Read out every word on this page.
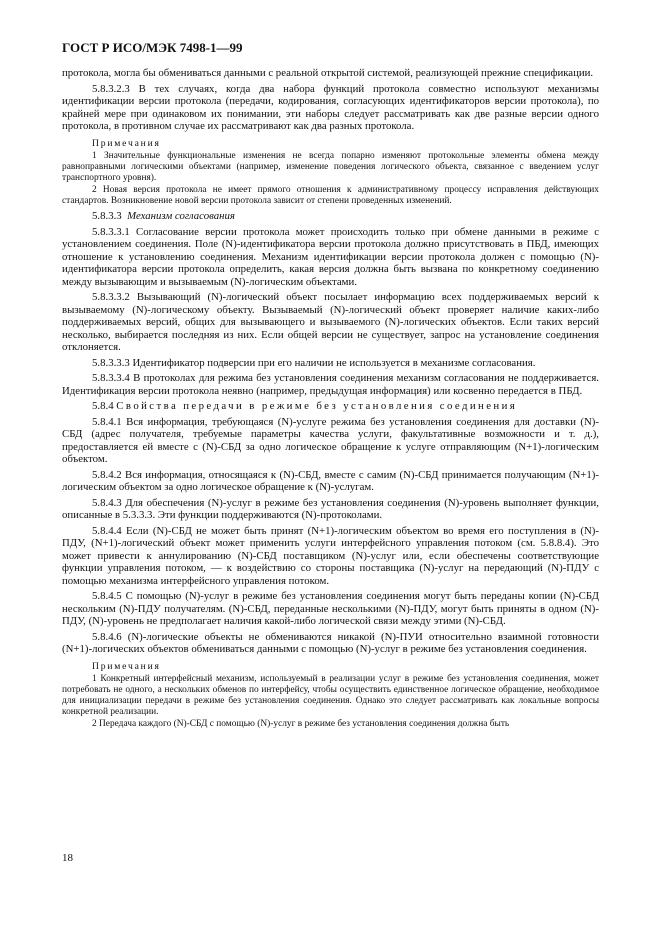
ГОСТ Р ИСО/МЭК 7498-1—99

протокола, могла бы обмениваться данными с реальной открытой системой, реализующей прежние спецификации.

5.8.3.2.3 В тех случаях, когда два набора функций протокола совместно используют механизмы идентификации версии протокола (передачи, кодирования, согласующих идентификаторов версии протокола), по крайней мере при одинаковом их понимании, эти наборы следует рассматривать как две разные версии одного протокола, в противном случае их рассматривают как два разных протокола.

Примечания

1 Значительные функциональные изменения не всегда попарно изменяют протокольные элементы обмена между равноправными логическими объектами (например, изменение поведения логического объекта, связанное с введением услуг транспортного уровня).

2 Новая версия протокола не имеет прямого отношения к административному процессу исправления действующих стандартов. Возникновение новой версии протокола зависит от степени проведенных изменений.

5.8.3.3 Механизм согласования

5.8.3.3.1 Согласование версии протокола может происходить только при обмене данными в режиме с установлением соединения. Поле (N)-идентификатора версии протокола должно присутствовать в ПБД, имеющих отношение к установлению соединения. Механизм идентификации версии протокола должен с помощью (N)-идентификатора версии протокола определить, какая версия должна быть вызвана по конкретному соединению между вызывающим и вызываемым (N)-логическим объектами.

5.8.3.3.2 Вызывающий (N)-логический объект посылает информацию всех поддерживаемых версий к вызываемому (N)-логическому объекту. Вызываемый (N)-логический объект проверяет наличие каких-либо поддерживаемых версий, общих для вызывающего и вызываемого (N)-логических объектов. Если таких версий несколько, выбирается последняя из них. Если общей версии не существует, запрос на установление соединения отклоняется.

5.8.3.3.3 Идентификатор подверсии при его наличии не используется в механизме согласования.

5.8.3.3.4 В протоколах для режима без установления соединения механизм согласования не поддерживается. Идентификация версии протокола неявно (например, предыдущая информация) или косвенно передается в ПБД.

5.8.4 Свойства передачи в режиме без установления соединения

5.8.4.1 Вся информация, требующаяся (N)-услуге режима без установления соединения для доставки (N)-СБД (адрес получателя, требуемые параметры качества услуги, факультативные возможности и т. д.), предоставляется ей вместе с (N)-СБД за одно логическое обращение к услуге отправляющим (N+1)-логическим объектом.

5.8.4.2 Вся информация, относящаяся к (N)-СБД, вместе с самим (N)-СБД принимается получающим (N+1)-логическим объектом за одно логическое обращение к (N)-услугам.

5.8.4.3 Для обеспечения (N)-услуг в режиме без установления соединения (N)-уровень выполняет функции, описанные в 5.3.3.3. Эти функции поддерживаются (N)-протоколами.

5.8.4.4 Если (N)-СБД не может быть принят (N+1)-логическим объектом во время его поступления в (N)-ПДУ, (N+1)-логический объект может применить услуги интерфейсного управления потоком (см. 5.8.8.4). Это может привести к аннулированию (N)-СБД поставщиком (N)-услуг или, если обеспечены соответствующие функции управления потоком, — к воздействию со стороны поставщика (N)-услуг на передающий (N)-ПДУ с помощью механизма интерфейсного управления потоком.

5.8.4.5 С помощью (N)-услуг в режиме без установления соединения могут быть переданы копии (N)-СБД нескольким (N)-ПДУ получателям. (N)-СБД, переданные несколькими (N)-ПДУ, могут быть приняты в одном (N)-ПДУ, (N)-уровень не предполагает наличия какой-либо логической связи между этими (N)-СБД.

5.8.4.6 (N)-логические объекты не обмениваются никакой (N)-ПУИ относительно взаимной готовности (N+1)-логических объектов обмениваться данными с помощью (N)-услуг в режиме без установления соединения.

Примечания

1 Конкретный интерфейсный механизм, используемый в реализации услуг в режиме без установления соединения, может потребовать не одного, а нескольких обменов по интерфейсу, чтобы осуществить единственное логическое обращение, необходимое для инициализации передачи в режиме без установления соединения. Однако это следует рассматривать как локальные вопросы конкретной реализации.

2 Передача каждого (N)-СБД с помощью (N)-услуг в режиме без установления соединения должна быть

18
